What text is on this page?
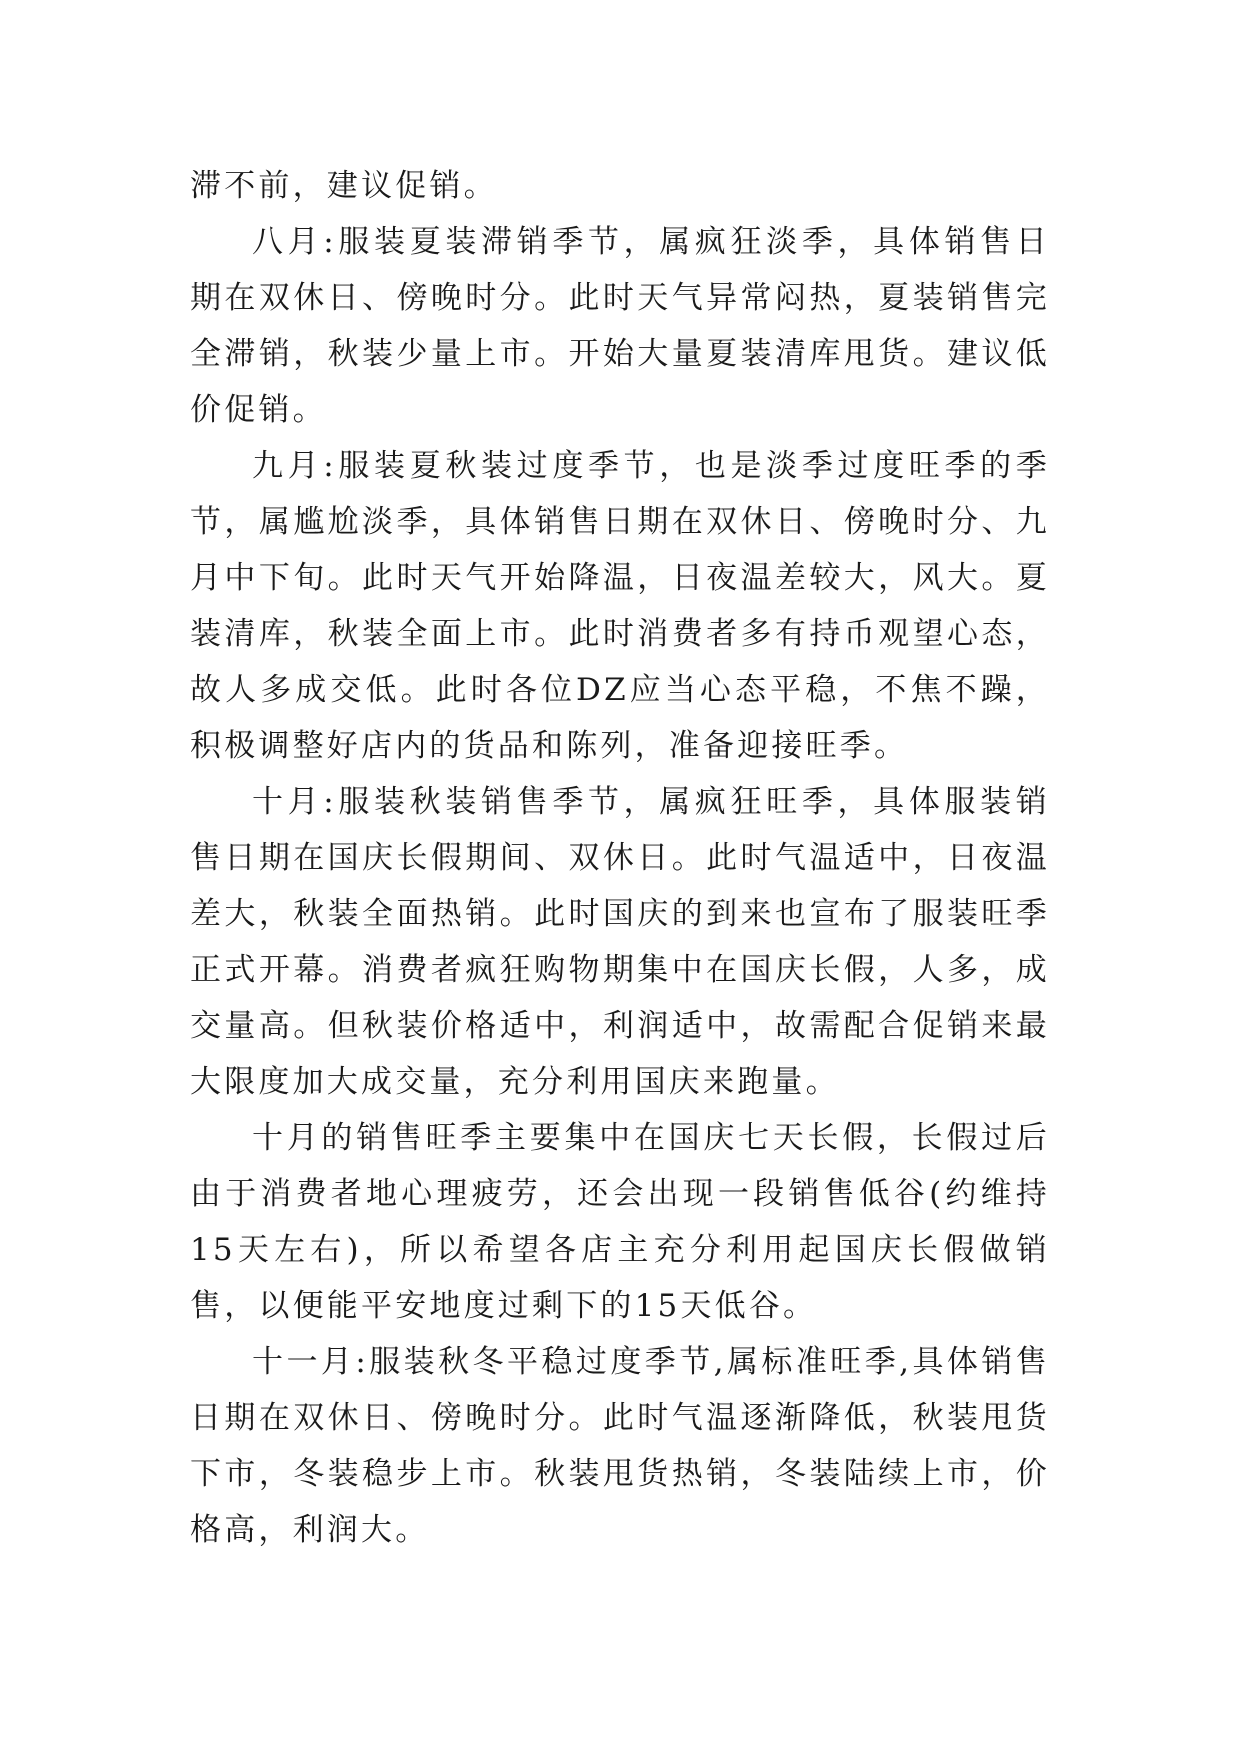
滞不前，建议促销。

八月:服装夏装滞销季节，属疯狂淡季，具体销售日期在双休日、傍晚时分。此时天气异常闷热，夏装销售完全滞销，秋装少量上市。开始大量夏装清库甩货。建议低价促销。

九月:服装夏秋装过度季节，也是淡季过度旺季的季节，属尴尬淡季，具体销售日期在双休日、傍晚时分、九月中下旬。此时天气开始降温，日夜温差较大，风大。夏装清库，秋装全面上市。此时消费者多有持币观望心态，故人多成交低。此时各位DZ应当心态平稳，不焦不躁，积极调整好店内的货品和陈列，准备迎接旺季。

十月:服装秋装销售季节，属疯狂旺季，具体服装销售日期在国庆长假期间、双休日。此时气温适中，日夜温差大，秋装全面热销。此时国庆的到来也宣布了服装旺季正式开幕。消费者疯狂购物期集中在国庆长假，人多，成交量高。但秋装价格适中，利润适中，故需配合促销来最大限度加大成交量，充分利用国庆来跑量。

十月的销售旺季主要集中在国庆七天长假，长假过后由于消费者地心理疲劳，还会出现一段销售低谷(约维持15天左右)，所以希望各店主充分利用起国庆长假做销售，以便能平安地度过剩下的15天低谷。

十一月:服装秋冬平稳过度季节,属标准旺季,具体销售日期在双休日、傍晚时分。此时气温逐渐降低，秋装甩货下市，冬装稳步上市。秋装甩货热销，冬装陆续上市，价格高，利润大。
